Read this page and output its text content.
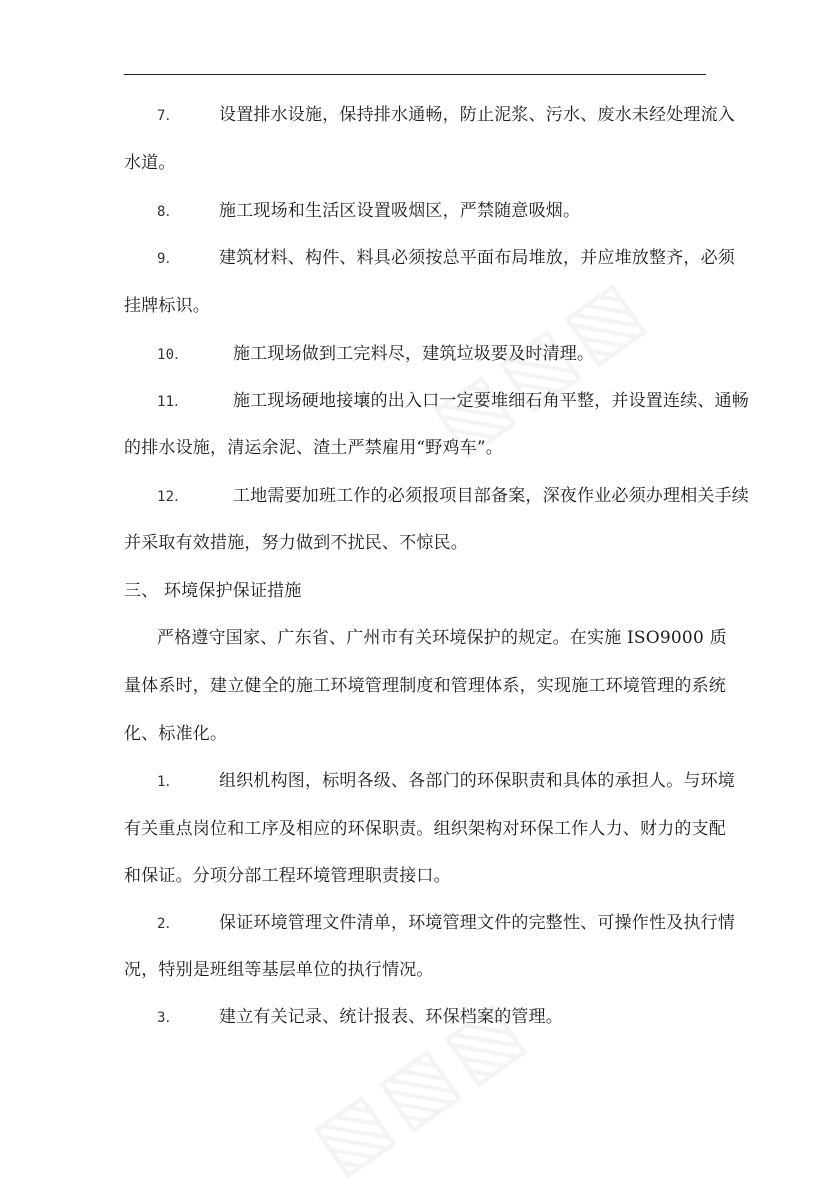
7． 设置排水设施，保持排水通畅，防止泥浆、污水、废水未经处理流入
水道。
8． 施工现场和生活区设置吸烟区，严禁随意吸烟。
9． 建筑材料、构件、料具必须按总平面布局堆放，并应堆放整齐，必须
挂牌标识。
10．	施工现场做到工完料尽，建筑垃圾要及时清理。
11．	施工现场硬地接壤的出入口一定要堆细石角平整，并设置连续、通畅
的排水设施，清运余泥、渣土严禁雇用“野鸡车”。
12．	工地需要加班工作的必须报项目部备案，深夜作业必须办理相关手续
并采取有效措施，努力做到不扰民、不惊民。
三、 环境保护保证措施
严格遵守国家、广东省、广州市有关环境保护的规定。在实施 ISO9000 质
量体系时，建立健全的施工环境管理制度和管理体系，实现施工环境管理的系统
化、标准化。
1． 组织机构图，标明各级、各部门的环保职责和具体的承担人。与环境
有关重点岗位和工序及相应的环保职责。组织架构对环保工作人力、财力的支配
和保证。分项分部工程环境管理职责接口。
2． 保证环境管理文件清单，环境管理文件的完整性、可操作性及执行情
况，特别是班组等基层单位的执行情况。
3． 建立有关记录、统计报表、环保档案的管理。
